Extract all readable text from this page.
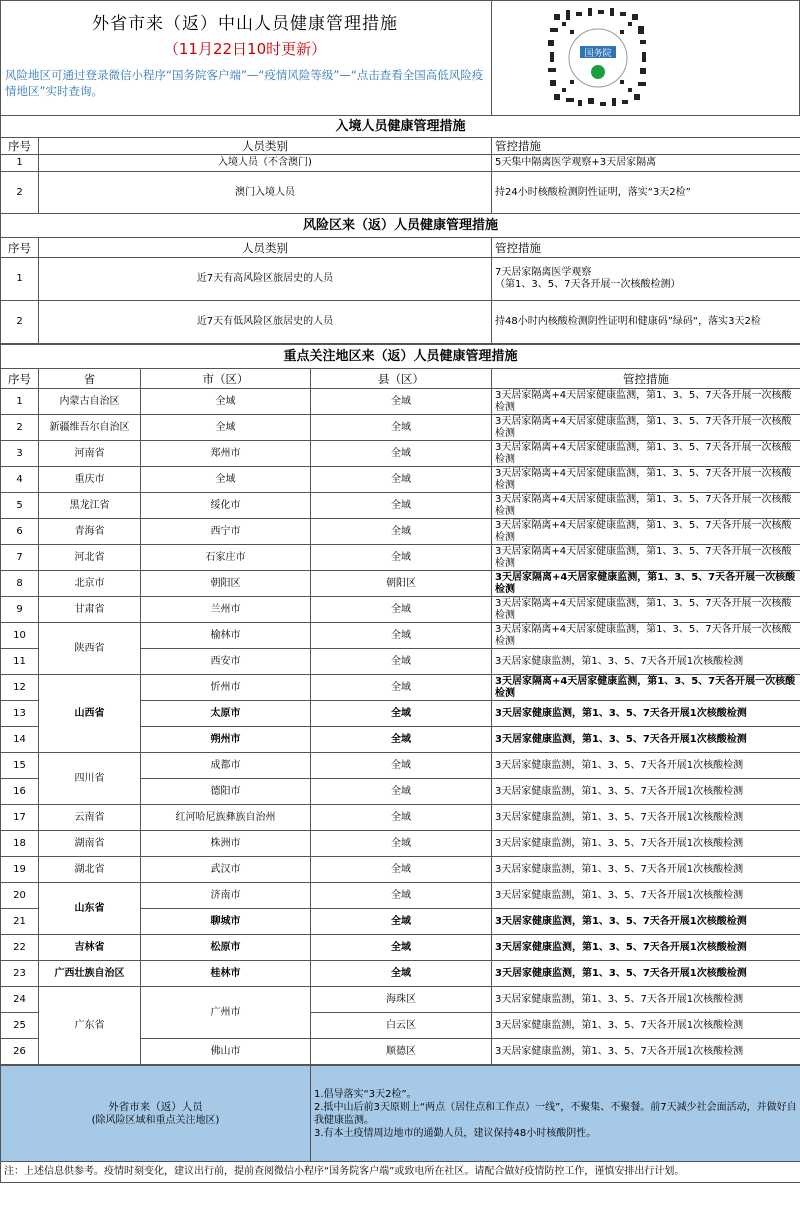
外省市来（返）中山人员健康管理措施
（11月22日10时更新）
风险地区可通过登录微信小程序“国务院客户端”—“疫情风险等级”—“点击查看全国高低风险疫情地区”实时查询。
国务院
入境人员健康管理措施		
序号	人员类别	管控措施
1	入境人员（不含澳门)	5天集中隔离医学观察+3天居家隔离
2	澳门入境人员	持24小时核酸检测阴性证明，落实“3天2检”
风险区来（返）人员健康管理措施		
序号	人员类别	管控措施
1	近7天有高风险区旅居史的人员	7天居家隔离医学观察
（第1、3、5、7天各开展一次核酸检测）

2	近7天有低风险区旅居史的人员	持48小时内核酸检测阴性证明和健康码”绿码“，落实3天2检
重点关注地区来（返）人员健康管理措施				
序号	省	市（区）	县（区）	管控措施
1	内蒙古自治区	全域	全域	3天居家隔离+4天居家健康监测，第1、3、5、7天各开展一次核酸检测
2	新疆维吾尔自治区	全域	全域	3天居家隔离+4天居家健康监测，第1、3、5、7天各开展一次核酸检测
3	河南省	郑州市	全域	3天居家隔离+4天居家健康监测，第1、3、5、7天各开展一次核酸检测
4	重庆市	全域	全域	3天居家隔离+4天居家健康监测，第1、3、5、7天各开展一次核酸检测
5	黑龙江省	绥化市	全域	3天居家隔离+4天居家健康监测，第1、3、5、7天各开展一次核酸检测
6	青海省	西宁市	全域	3天居家隔离+4天居家健康监测，第1、3、5、7天各开展一次核酸检测
7	河北省	石家庄市	全域	3天居家隔离+4天居家健康监测，第1、3、5、7天各开展一次核酸检测
8	北京市	朝阳区	朝阳区	3天居家隔离+4天居家健康监测，第1、3、5、7天各开展一次核酸检测
9	甘肃省	兰州市	全域	3天居家隔离+4天居家健康监测，第1、3、5、7天各开展一次核酸检测
10	陕西省	榆林市	全域	3天居家隔离+4天居家健康监测，第1、3、5、7天各开展一次核酸检测
11		西安市	全域	3天居家健康监测，第1、3、5、7天各开展1次核酸检测
12	山西省	忻州市	全域	3天居家隔离+4天居家健康监测，第1、3、5、7天各开展一次核酸检测
13		太原市	全域	3天居家健康监测，第1、3、5、7天各开展1次核酸检测
14		朔州市	全域	3天居家健康监测，第1、3、5、7天各开展1次核酸检测
15	四川省	成都市	全域	3天居家健康监测，第1、3、5、7天各开展1次核酸检测
16		德阳市	全域	3天居家健康监测，第1、3、5、7天各开展1次核酸检测
17	云南省	红河哈尼族彝族自治州	全域	3天居家健康监测，第1、3、5、7天各开展1次核酸检测
18	湖南省	株洲市	全域	3天居家健康监测，第1、3、5、7天各开展1次核酸检测
19	湖北省	武汉市	全域	3天居家健康监测，第1、3、5、7天各开展1次核酸检测
20	山东省	济南市	全域	3天居家健康监测，第1、3、5、7天各开展1次核酸检测
21		聊城市	全域	3天居家健康监测，第1、3、5、7天各开展1次核酸检测
22	吉林省	松原市	全域	3天居家健康监测，第1、3、5、7天各开展1次核酸检测
23	广西壮族自治区	桂林市	全域	3天居家健康监测，第1、3、5、7天各开展1次核酸检测
24	广东省	广州市	海珠区	3天居家健康监测，第1、3、5、7天各开展1次核酸检测
25			白云区	3天居家健康监测，第1、3、5、7天各开展1次核酸检测
26		佛山市	顺德区	3天居家健康监测，第1、3、5、7天各开展1次核酸检测
外省市来（返）人员
(除风险区域和重点关注地区)

1.倡导落实“3天2检”。
2.抵中山后前3天原则上“两点（居住点和工作点）一线”，不聚集、不聚餐。前7天减少社会面活动，并做好自我健康监测。
3.有本土疫情周边地市的通勤人员，建议保持48小时核酸阴性。

注：上述信息供参考。疫情时刻变化，建议出行前，提前查阅微信小程序“国务院客户端”或致电所在社区。请配合做好疫情防控工作，谨慎安排出行计划。
